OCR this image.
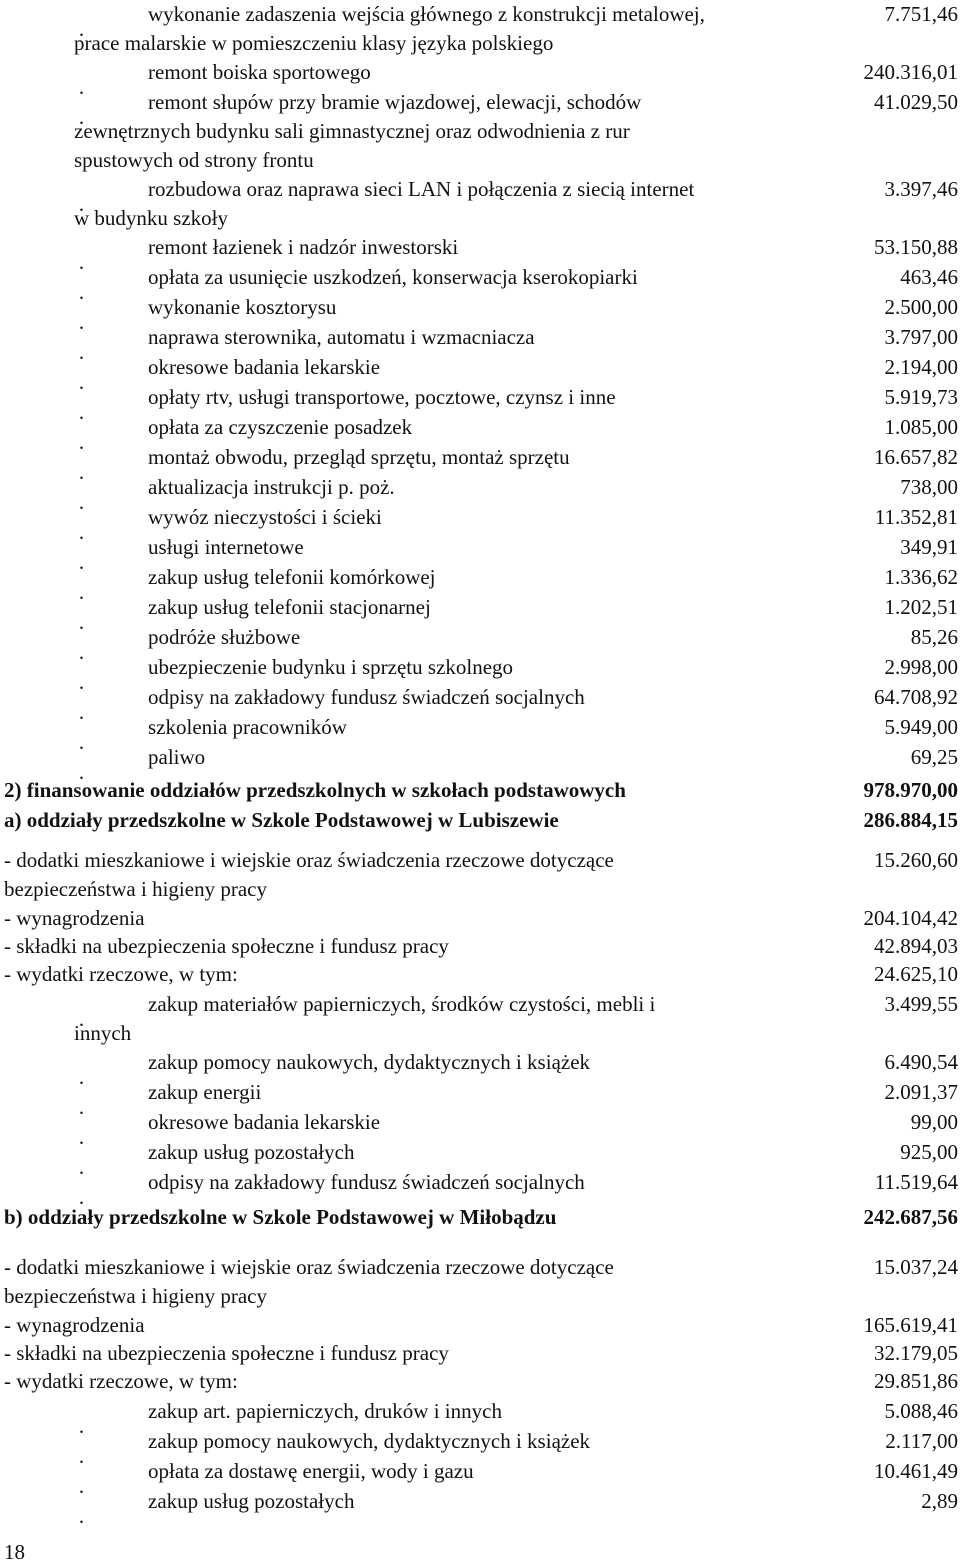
wykonanie zadaszenia wejścia głównego z konstrukcji metalowej,	7.751,46
prace malarskie w pomieszczeniu klasy języka polskiego
remont boiska sportowego	240.316,01
remont słupów przy bramie wjazdowej, elewacji, schodów	41.029,50
zewnętrznych budynku sali gimnastycznej oraz odwodnienia z rur
spustowych od strony frontu
rozbudowa oraz naprawa sieci LAN i połączenia z siecią internet	3.397,46
w budynku szkoły
remont łazienek i nadzór inwestorski	53.150,88
opłata za usunięcie uszkodzeń, konserwacja kserokopiarki	463,46
wykonanie kosztorysu	2.500,00
naprawa sterownika, automatu i wzmacniacza	3.797,00
okresowe badania lekarskie	2.194,00
opłaty rtv, usługi transportowe, pocztowe, czynsz i inne	5.919,73
opłata za czyszczenie posadzek	1.085,00
montaż obwodu, przegląd sprzętu, montaż sprzętu	16.657,82
aktualizacja instrukcji p. poż.	738,00
wywóz nieczystości i ścieki	11.352,81
usługi internetowe	349,91
zakup usług telefonii komórkowej	1.336,62
zakup usług telefonii stacjonarnej	1.202,51
podróże służbowe	85,26
ubezpieczenie budynku i sprzętu szkolnego	2.998,00
odpisy na zakładowy fundusz świadczeń socjalnych	64.708,92
szkolenia pracowników	5.949,00
paliwo	69,25
2) finansowanie oddziałów przedszkolnych w szkołach podstawowych	978.970,00
a) oddziały przedszkolne w Szkole Podstawowej w Lubiszewie	286.884,15
- dodatki mieszkaniowe i wiejskie oraz świadczenia rzeczowe dotyczące	15.260,60
bezpieczeństwa i higieny pracy
- wynagrodzenia	204.104,42
- składki na ubezpieczenia społeczne i fundusz pracy	42.894,03
- wydatki rzeczowe, w tym:	24.625,10
zakup materiałów papierniczych, środków czystości, mebli i	3.499,55
innych
zakup pomocy naukowych, dydaktycznych i książek	6.490,54
zakup energii	2.091,37
okresowe badania lekarskie	99,00
zakup usług pozostałych	925,00
odpisy na zakładowy fundusz świadczeń socjalnych	11.519,64
b) oddziały przedszkolne w Szkole Podstawowej w Miłobądzu	242.687,56
- dodatki mieszkaniowe i wiejskie oraz świadczenia rzeczowe dotyczące	15.037,24
bezpieczeństwa i higieny pracy
- wynagrodzenia	165.619,41
- składki na ubezpieczenia społeczne i fundusz pracy	32.179,05
- wydatki rzeczowe, w tym:	29.851,86
zakup art. papierniczych, druków i innych	5.088,46
zakup pomocy naukowych, dydaktycznych i książek	2.117,00
opłata za dostawę energii, wody i gazu	10.461,49
zakup usług pozostałych	2,89
18
